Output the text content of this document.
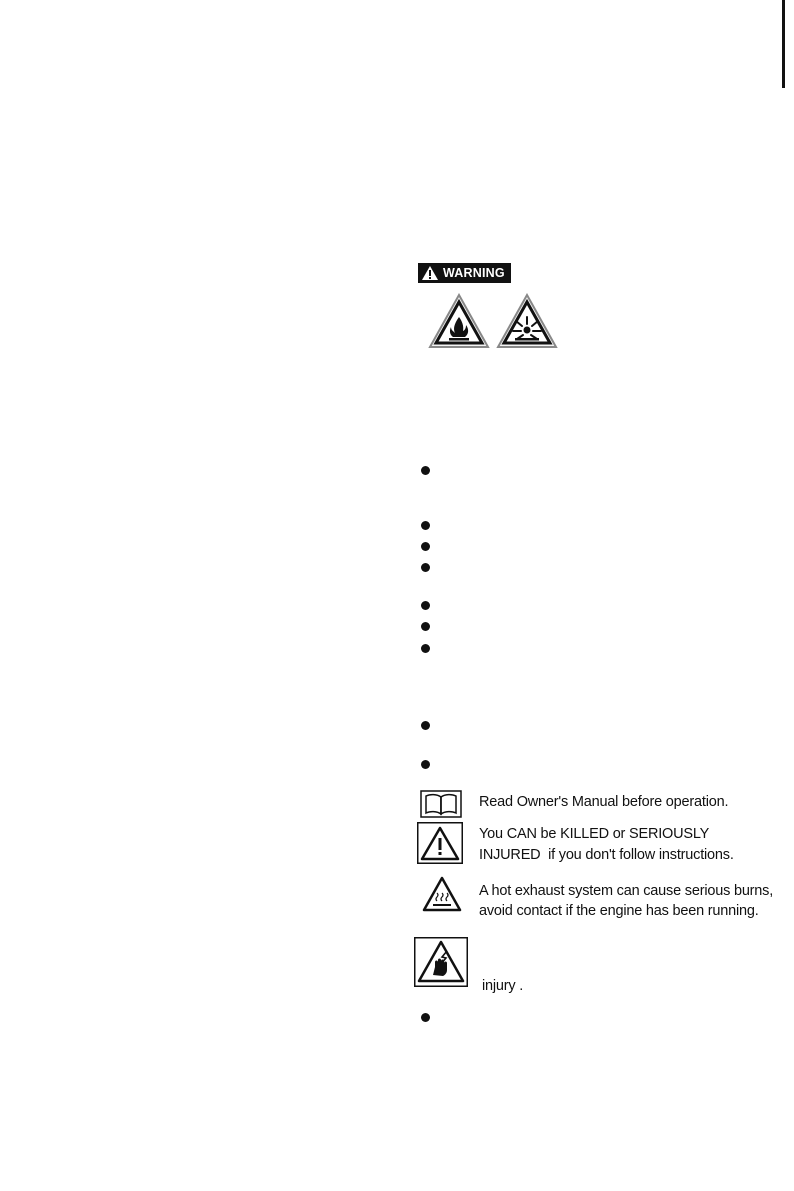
WARNING
Read Owner's Manual before operation.
You CAN be KILLED or SERIOUSLY
INJURED  if you don't follow instructions.
A hot exhaust system can cause serious burns,
avoid contact if the engine has been running.
injury .
